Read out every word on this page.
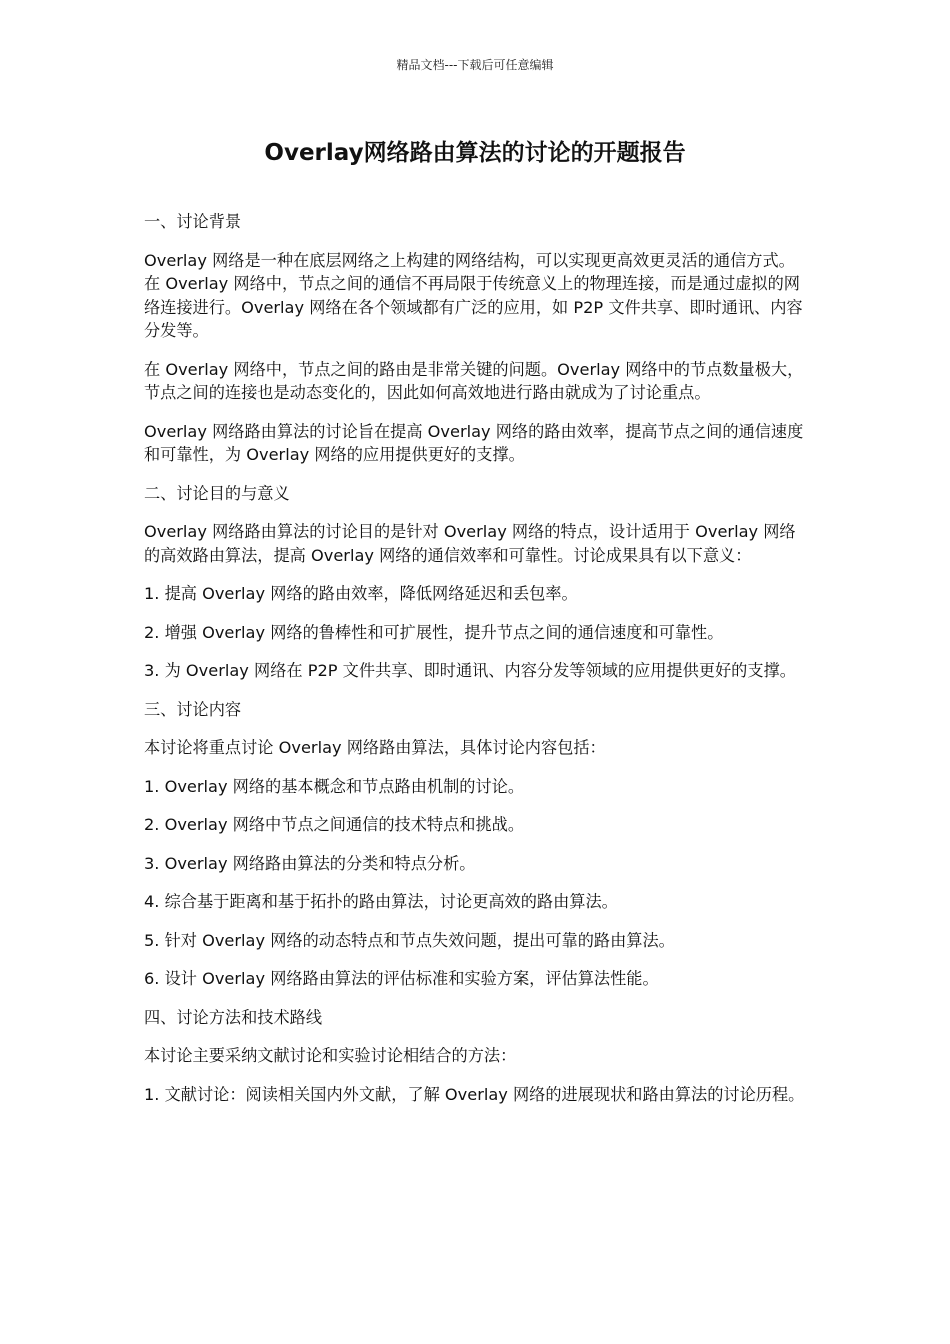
精品文档---下载后可任意编辑
Overlay网络路由算法的讨论的开题报告

一、讨论背景

Overlay 网络是一种在底层网络之上构建的网络结构，可以实现更高效更灵活的通信方式。在 Overlay 网络中，节点之间的通信不再局限于传统意义上的物理连接，而是通过虚拟的网络连接进行。Overlay 网络在各个领域都有广泛的应用，如 P2P 文件共享、即时通讯、内容分发等。

在 Overlay 网络中，节点之间的路由是非常关键的问题。Overlay 网络中的节点数量极大，节点之间的连接也是动态变化的，因此如何高效地进行路由就成为了讨论重点。

Overlay 网络路由算法的讨论旨在提高 Overlay 网络的路由效率，提高节点之间的通信速度和可靠性，为 Overlay 网络的应用提供更好的支撑。

二、讨论目的与意义

Overlay 网络路由算法的讨论目的是针对 Overlay 网络的特点，设计适用于 Overlay 网络的高效路由算法，提高 Overlay 网络的通信效率和可靠性。讨论成果具有以下意义：

1. 提高 Overlay 网络的路由效率，降低网络延迟和丢包率。

2. 增强 Overlay 网络的鲁棒性和可扩展性，提升节点之间的通信速度和可靠性。

3. 为 Overlay 网络在 P2P 文件共享、即时通讯、内容分发等领域的应用提供更好的支撑。

三、讨论内容

本讨论将重点讨论 Overlay 网络路由算法，具体讨论内容包括：

1. Overlay 网络的基本概念和节点路由机制的讨论。

2. Overlay 网络中节点之间通信的技术特点和挑战。

3. Overlay 网络路由算法的分类和特点分析。

4. 综合基于距离和基于拓扑的路由算法，讨论更高效的路由算法。

5. 针对 Overlay 网络的动态特点和节点失效问题，提出可靠的路由算法。

6. 设计 Overlay 网络路由算法的评估标准和实验方案，评估算法性能。

四、讨论方法和技术路线

本讨论主要采纳文献讨论和实验讨论相结合的方法：

1. 文献讨论：阅读相关国内外文献，了解 Overlay 网络的进展现状和路由算法的讨论历程。
